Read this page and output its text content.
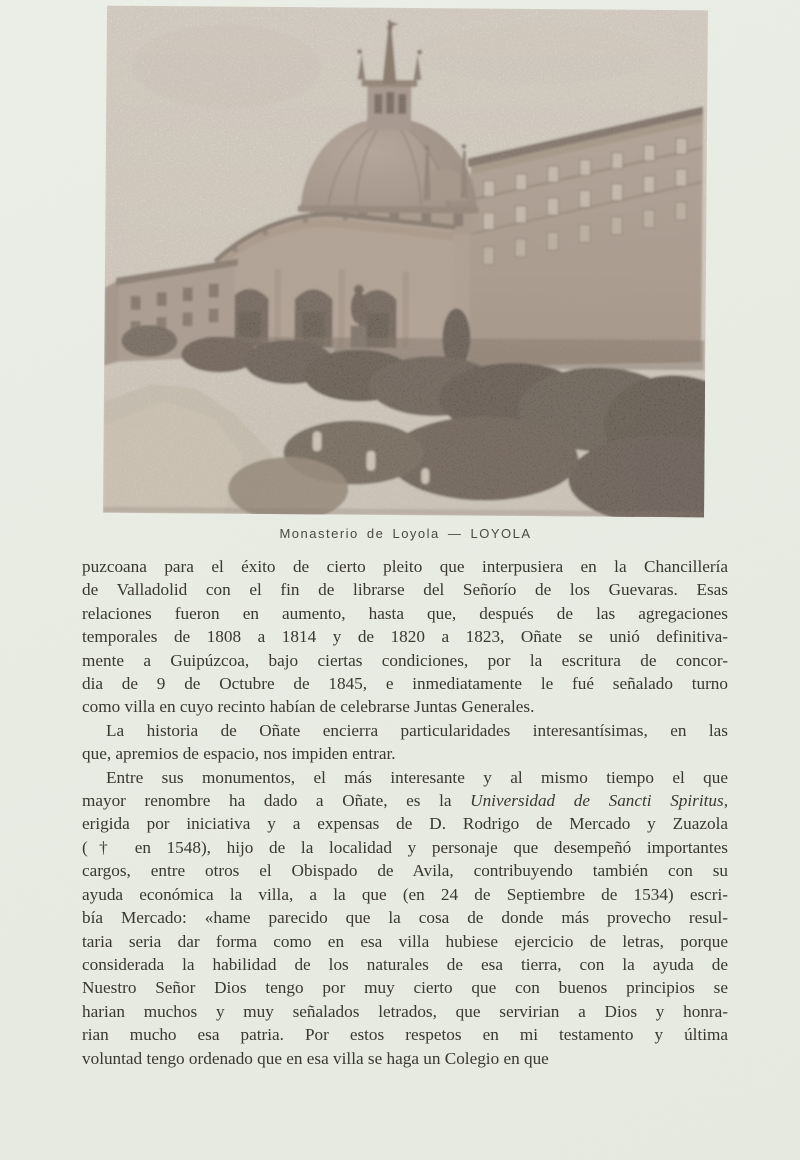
Monasterio de Loyola — LOYOLA
puzcoana para el éxito de cierto pleito que interpusiera en la Chancillería
de Valladolid con el fin de librarse del Señorío de los Guevaras. Esas
relaciones fueron en aumento, hasta que, después de las agregaciones
temporales de 1808 a 1814 y de 1820 a 1823, Oñate se unió definitiva-
mente a Guipúzcoa, bajo ciertas condiciones, por la escritura de concor-
dia de 9 de Octubre de 1845, e inmediatamente le fué señalado turno
como villa en cuyo recinto habían de celebrarse Juntas Generales.
La historia de Oñate encierra particularidades interesantísimas, en las
que, apremios de espacio, nos impiden entrar.
Entre sus monumentos, el más interesante y al mismo tiempo el que
mayor renombre ha dado a Oñate, es la Universidad de Sancti Spiritus,
erigida por iniciativa y a expensas de D. Rodrigo de Mercado y Zuazola
(† en 1548), hijo de la localidad y personaje que desempeñó importantes
cargos, entre otros el Obispado de Avila, contribuyendo también con su
ayuda económica la villa, a la que (en 24 de Septiembre de 1534) escri-
bía Mercado: «hame parecido que la cosa de donde más provecho resul-
taria seria dar forma como en esa villa hubiese ejercicio de letras, porque
considerada la habilidad de los naturales de esa tierra, con la ayuda de
Nuestro Señor Dios tengo por muy cierto que con buenos principios se
harian muchos y muy señalados letrados, que servirian a Dios y honra-
rian mucho esa patria. Por estos respetos en mi testamento y última
voluntad tengo ordenado que en esa villa se haga un Colegio en que
